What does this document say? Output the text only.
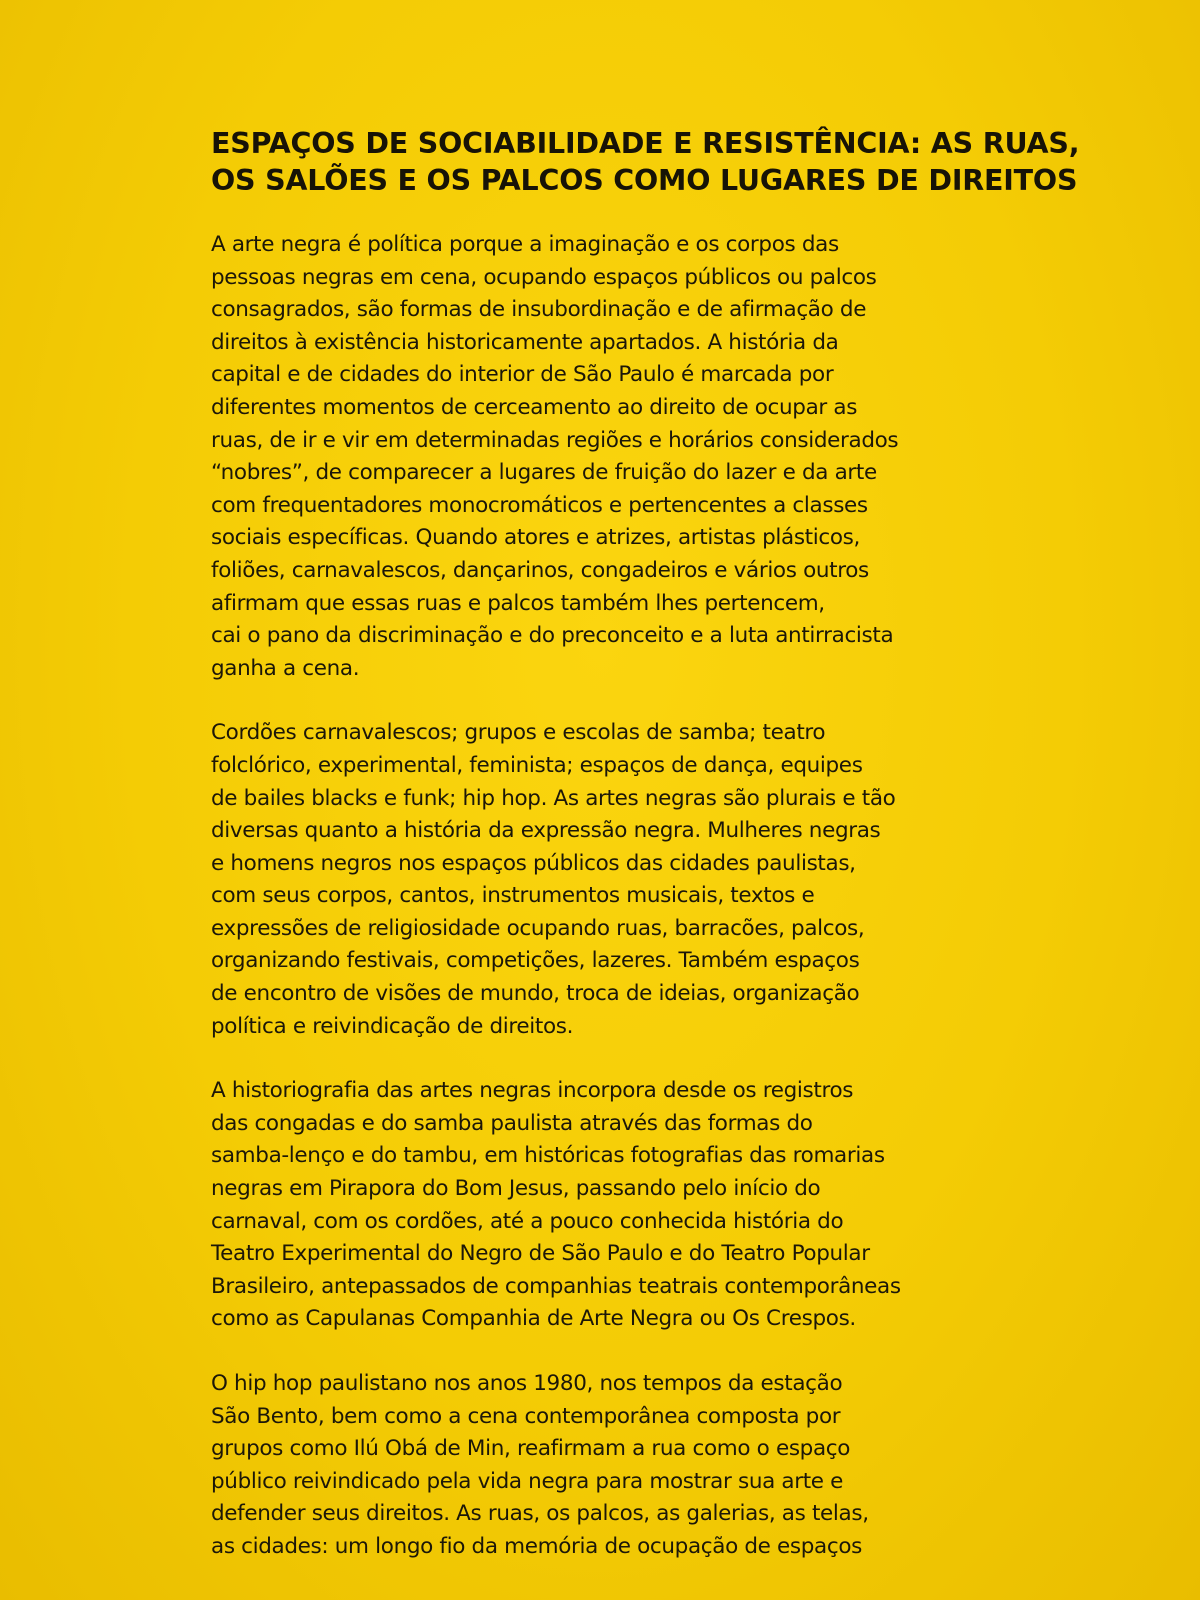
ESPAÇOS DE SOCIABILIDADE E RESISTÊNCIA: AS RUAS,
OS SALÕES E OS PALCOS COMO LUGARES DE DIREITOS
A arte negra é política porque a imaginação e os corpos das
pessoas negras em cena, ocupando espaços públicos ou palcos
consagrados, são formas de insubordinação e de afirmação de
direitos à existência historicamente apartados. A história da
capital e de cidades do interior de São Paulo é marcada por
diferentes momentos de cerceamento ao direito de ocupar as
ruas, de ir e vir em determinadas regiões e horários considerados
“nobres”, de comparecer a lugares de fruição do lazer e da arte
com frequentadores monocromáticos e pertencentes a classes
sociais específicas. Quando atores e atrizes, artistas plásticos,
foliões, carnavalescos, dançarinos, congadeiros e vários outros
afirmam que essas ruas e palcos também lhes pertencem,
cai o pano da discriminação e do preconceito e a luta antirracista
ganha a cena.
Cordões carnavalescos; grupos e escolas de samba; teatro
folclórico, experimental, feminista; espaços de dança, equipes
de bailes blacks e funk; hip hop. As artes negras são plurais e tão
diversas quanto a história da expressão negra. Mulheres negras
e homens negros nos espaços públicos das cidades paulistas,
com seus corpos, cantos, instrumentos musicais, textos e
expressões de religiosidade ocupando ruas, barracões, palcos,
organizando festivais, competições, lazeres. Também espaços
de encontro de visões de mundo, troca de ideias, organização
política e reivindicação de direitos.
A historiografia das artes negras incorpora desde os registros
das congadas e do samba paulista através das formas do
samba-lenço e do tambu, em históricas fotografias das romarias
negras em Pirapora do Bom Jesus, passando pelo início do
carnaval, com os cordões, até a pouco conhecida história do
Teatro Experimental do Negro de São Paulo e do Teatro Popular
Brasileiro, antepassados de companhias teatrais contemporâneas
como as Capulanas Companhia de Arte Negra ou Os Crespos.
O hip hop paulistano nos anos 1980, nos tempos da estação
São Bento, bem como a cena contemporânea composta por
grupos como Ilú Obá de Min, reafirmam a rua como o espaço
público reivindicado pela vida negra para mostrar sua arte e
defender seus direitos. As ruas, os palcos, as galerias, as telas,
as cidades: um longo fio da memória de ocupação de espaços
